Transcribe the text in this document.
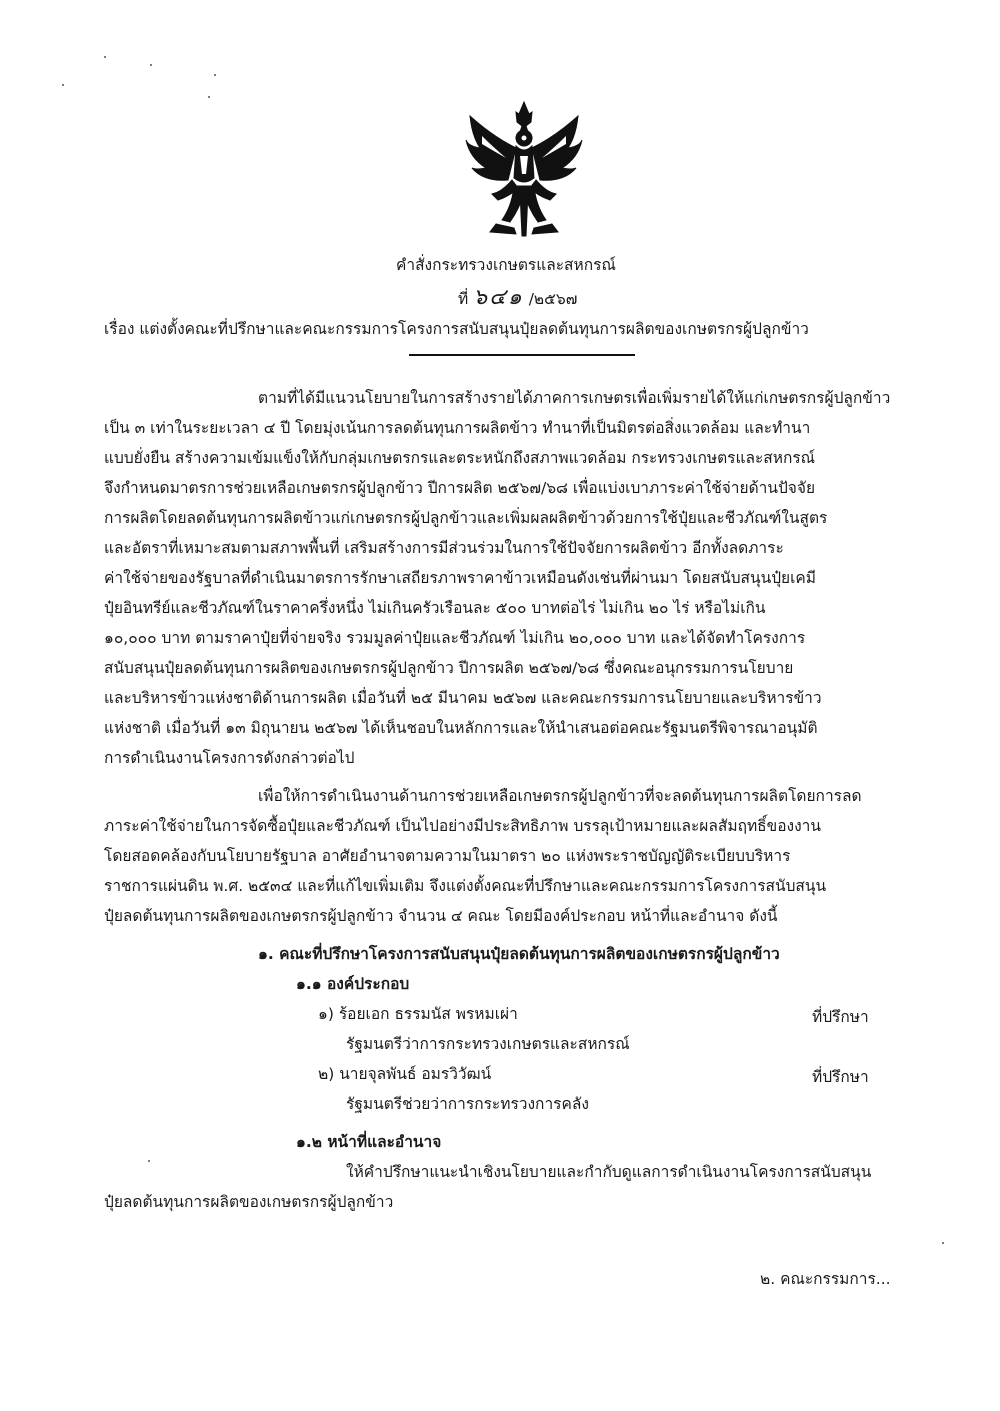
คำสั่งกระทรวงเกษตรและสหกรณ์
ที่ ๖๔๑ /๒๕๖๗
เรื่อง แต่งตั้งคณะที่ปรึกษาและคณะกรรมการโครงการสนับสนุนปุ๋ยลดต้นทุนการผลิตของเกษตรกรผู้ปลูกข้าว
ตามที่ได้มีแนวนโยบายในการสร้างรายได้ภาคการเกษตรเพื่อเพิ่มรายได้ให้แก่เกษตรกรผู้ปลูกข้าว
เป็น ๓ เท่าในระยะเวลา ๔ ปี โดยมุ่งเน้นการลดต้นทุนการผลิตข้าว ทำนาที่เป็นมิตรต่อสิ่งแวดล้อม และทำนา
แบบยั่งยืน สร้างความเข้มแข็งให้กับกลุ่มเกษตรกรและตระหนักถึงสภาพแวดล้อม กระทรวงเกษตรและสหกรณ์
จึงกำหนดมาตรการช่วยเหลือเกษตรกรผู้ปลูกข้าว ปีการผลิต ๒๕๖๗/๖๘ เพื่อแบ่งเบาภาระค่าใช้จ่ายด้านปัจจัย
การผลิตโดยลดต้นทุนการผลิตข้าวแก่เกษตรกรผู้ปลูกข้าวและเพิ่มผลผลิตข้าวด้วยการใช้ปุ๋ยและชีวภัณฑ์ในสูตร
และอัตราที่เหมาะสมตามสภาพพื้นที่ เสริมสร้างการมีส่วนร่วมในการใช้ปัจจัยการผลิตข้าว อีกทั้งลดภาระ
ค่าใช้จ่ายของรัฐบาลที่ดำเนินมาตรการรักษาเสถียรภาพราคาข้าวเหมือนดังเช่นที่ผ่านมา โดยสนับสนุนปุ๋ยเคมี
ปุ๋ยอินทรีย์และชีวภัณฑ์ในราคาครึ่งหนึ่ง ไม่เกินครัวเรือนละ ๕๐๐ บาทต่อไร่ ไม่เกิน ๒๐ ไร่ หรือไม่เกิน
๑๐,๐๐๐ บาท ตามราคาปุ๋ยที่จ่ายจริง รวมมูลค่าปุ๋ยและชีวภัณฑ์ ไม่เกิน ๒๐,๐๐๐ บาท และได้จัดทำโครงการ
สนับสนุนปุ๋ยลดต้นทุนการผลิตของเกษตรกรผู้ปลูกข้าว ปีการผลิต ๒๕๖๗/๖๘ ซึ่งคณะอนุกรรมการนโยบาย
และบริหารข้าวแห่งชาติด้านการผลิต เมื่อวันที่ ๒๕ มีนาคม ๒๕๖๗ และคณะกรรมการนโยบายและบริหารข้าว
แห่งชาติ เมื่อวันที่ ๑๓ มิถุนายน ๒๕๖๗ ได้เห็นชอบในหลักการและให้นำเสนอต่อคณะรัฐมนตรีพิจารณาอนุมัติ
การดำเนินงานโครงการดังกล่าวต่อไป
เพื่อให้การดำเนินงานด้านการช่วยเหลือเกษตรกรผู้ปลูกข้าวที่จะลดต้นทุนการผลิตโดยการลด
ภาระค่าใช้จ่ายในการจัดซื้อปุ๋ยและชีวภัณฑ์ เป็นไปอย่างมีประสิทธิภาพ บรรลุเป้าหมายและผลสัมฤทธิ์ของงาน
โดยสอดคล้องกับนโยบายรัฐบาล อาศัยอำนาจตามความในมาตรา ๒๐ แห่งพระราชบัญญัติระเบียบบริหาร
ราชการแผ่นดิน พ.ศ. ๒๕๓๔ และที่แก้ไขเพิ่มเติม จึงแต่งตั้งคณะที่ปรึกษาและคณะกรรมการโครงการสนับสนุน
ปุ๋ยลดต้นทุนการผลิตของเกษตรกรผู้ปลูกข้าว จำนวน ๔ คณะ โดยมีองค์ประกอบ หน้าที่และอำนาจ ดังนี้
๑. คณะที่ปรึกษาโครงการสนับสนุนปุ๋ยลดต้นทุนการผลิตของเกษตรกรผู้ปลูกข้าว
๑.๑ องค์ประกอบ
๑) ร้อยเอก ธรรมนัส พรหมเผ่า	ที่ปรึกษา
รัฐมนตรีว่าการกระทรวงเกษตรและสหกรณ์
๒) นายจุลพันธ์ อมรวิวัฒน์	ที่ปรึกษา
รัฐมนตรีช่วยว่าการกระทรวงการคลัง
๑.๒ หน้าที่และอำนาจ
ให้คำปรึกษาแนะนำเชิงนโยบายและกำกับดูแลการดำเนินงานโครงการสนับสนุน
ปุ๋ยลดต้นทุนการผลิตของเกษตรกรผู้ปลูกข้าว
๒. คณะกรรมการ...
